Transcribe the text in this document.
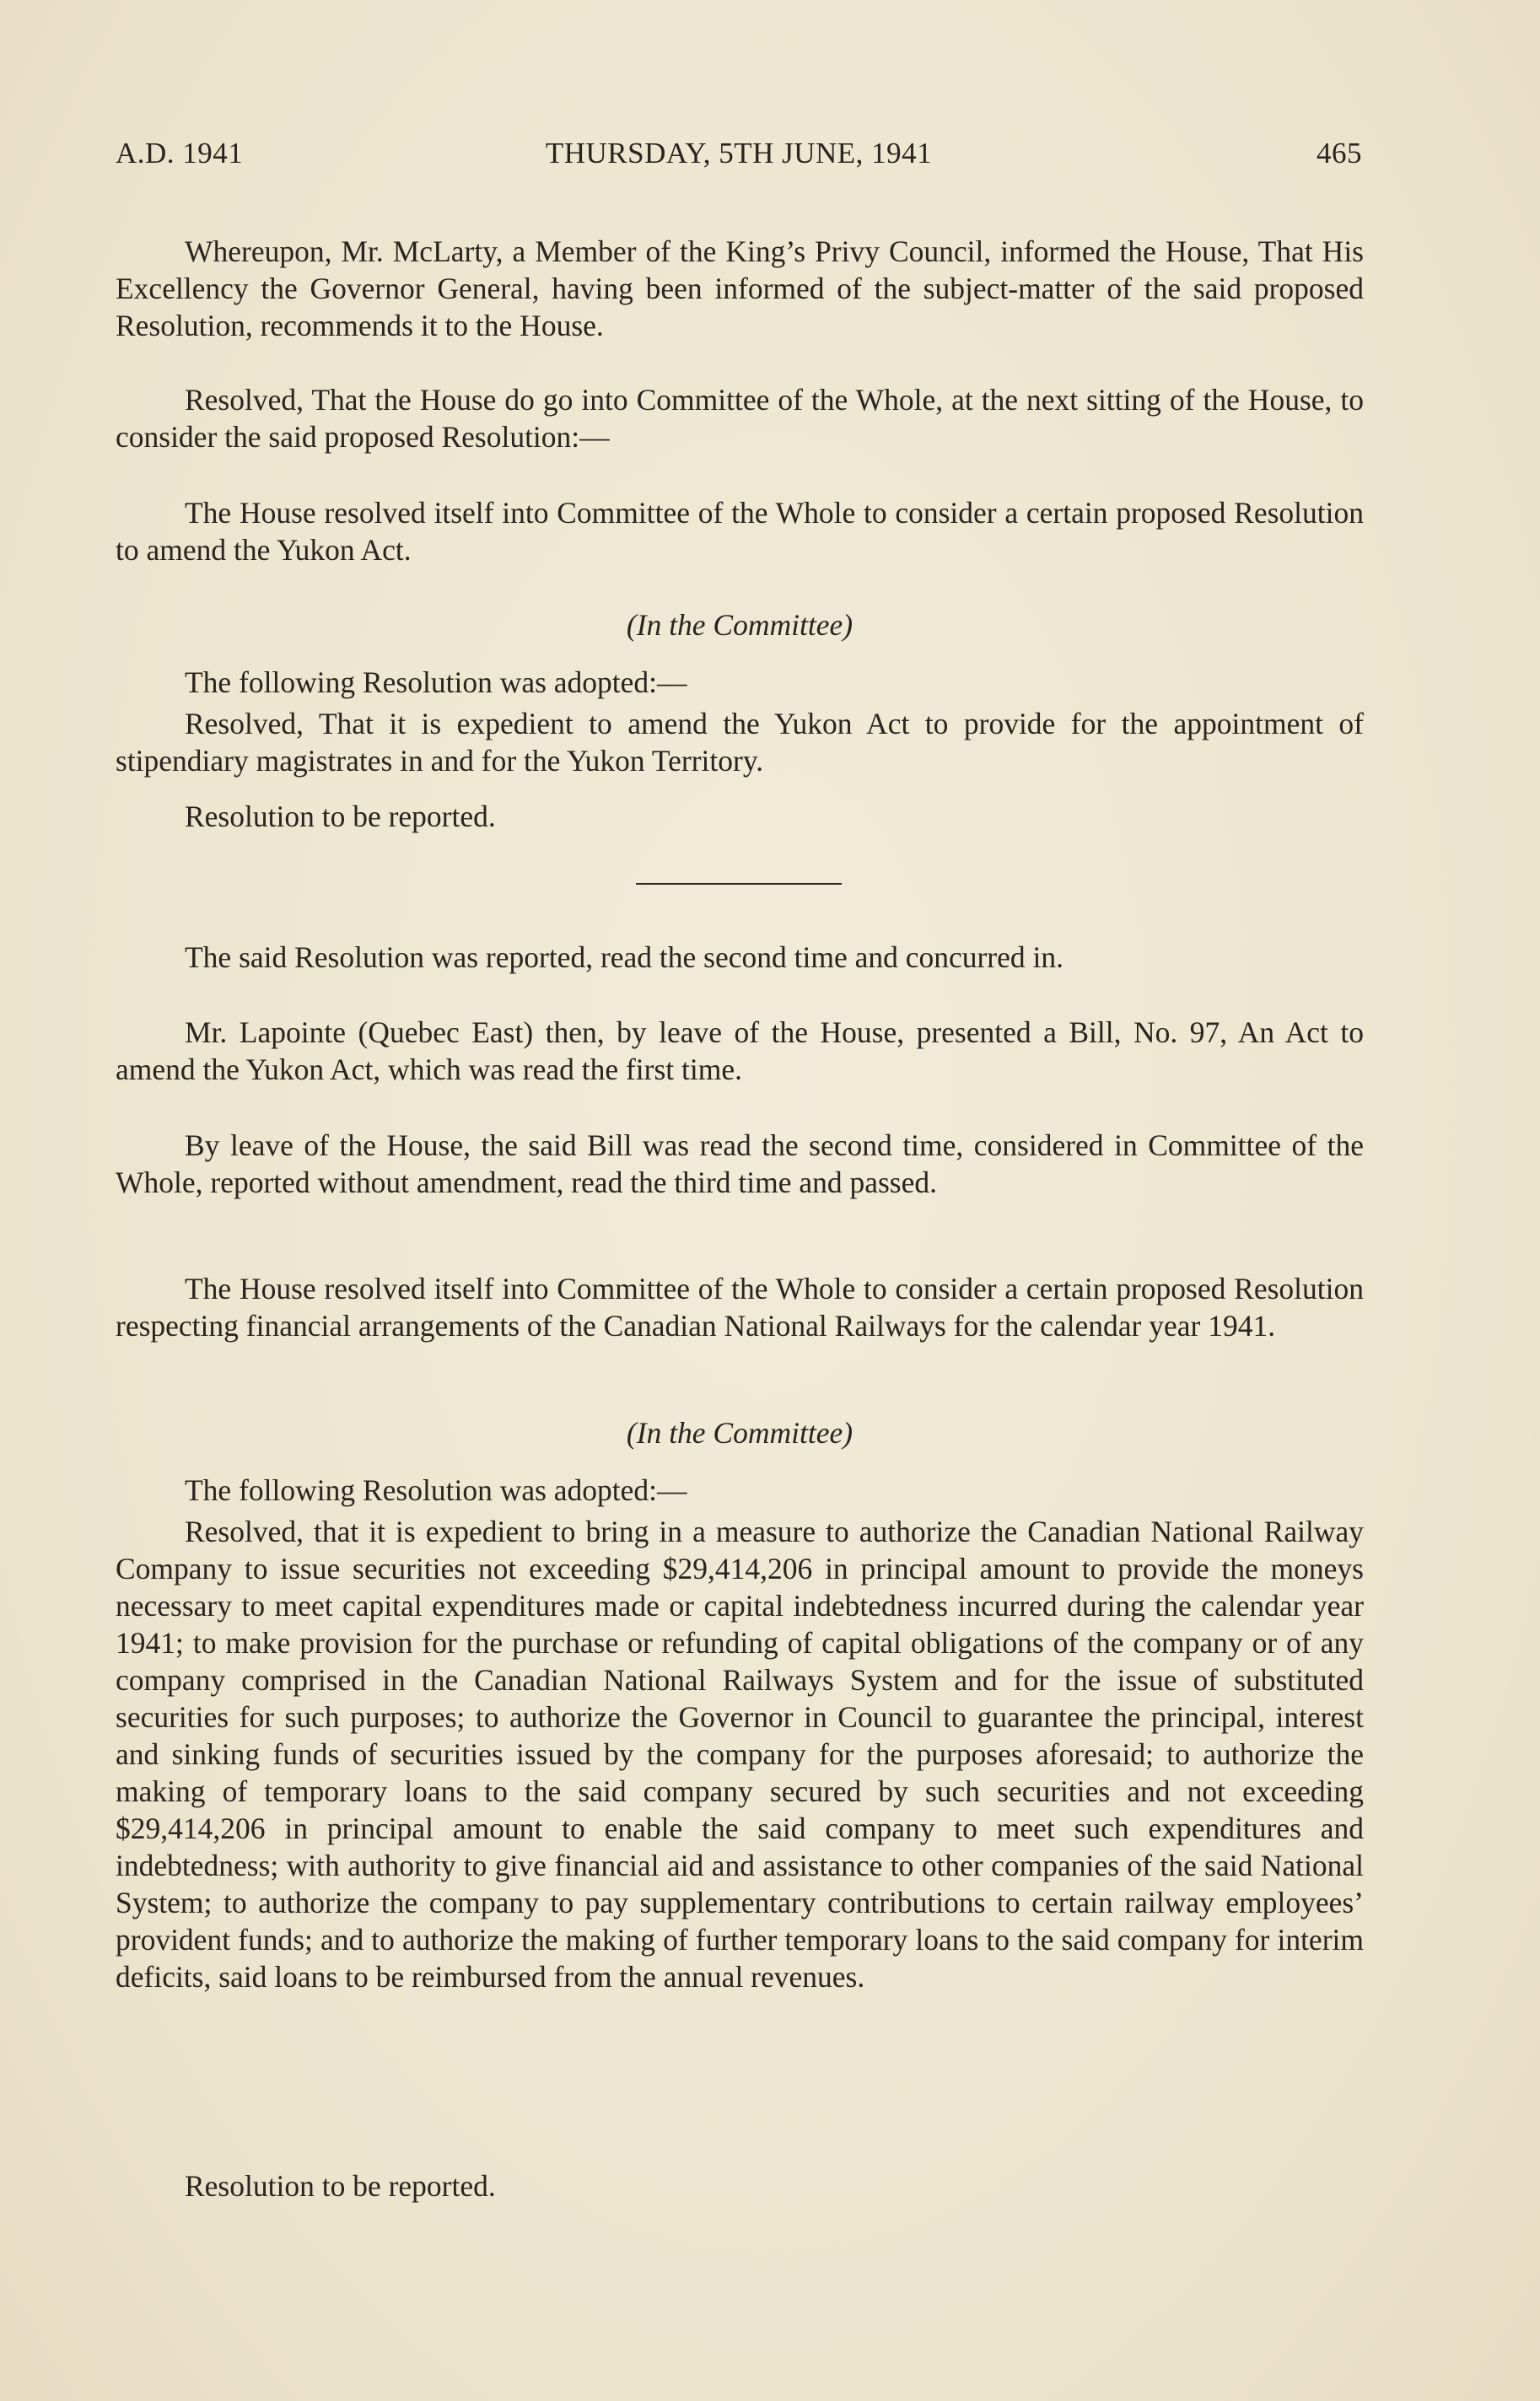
A.D. 1941	THURSDAY, 5TH JUNE, 1941	465

Whereupon, Mr. McLarty, a Member of the King’s Privy Council, informed the House, That His Excellency the Governor General, having been informed of the subject-matter of the said proposed Resolution, recommends it to the House.

Resolved, That the House do go into Committee of the Whole, at the next sitting of the House, to consider the said proposed Resolution:—

The House resolved itself into Committee of the Whole to consider a certain proposed Resolution to amend the Yukon Act.

(In the Committee)

The following Resolution was adopted:—

Resolved, That it is expedient to amend the Yukon Act to provide for the appointment of stipendiary magistrates in and for the Yukon Territory.

Resolution to be reported.

The said Resolution was reported, read the second time and concurred in.

Mr. Lapointe (Quebec East) then, by leave of the House, presented a Bill, No. 97, An Act to amend the Yukon Act, which was read the first time.

By leave of the House, the said Bill was read the second time, considered in Committee of the Whole, reported without amendment, read the third time and passed.

The House resolved itself into Committee of the Whole to consider a certain proposed Resolution respecting financial arrangements of the Canadian National Railways for the calendar year 1941.

(In the Committee)

The following Resolution was adopted:—

Resolved, that it is expedient to bring in a measure to authorize the Canadian National Railway Company to issue securities not exceeding $29,414,206 in principal amount to provide the moneys necessary to meet capital expenditures made or capital indebtedness incurred during the calendar year 1941; to make provision for the purchase or refunding of capital obligations of the company or of any company comprised in the Canadian National Railways System and for the issue of substituted securities for such purposes; to authorize the Governor in Council to guarantee the principal, interest and sinking funds of securities issued by the company for the purposes aforesaid; to authorize the making of temporary loans to the said company secured by such securities and not exceeding $29,414,206 in principal amount to enable the said company to meet such expenditures and indebtedness; with authority to give financial aid and assistance to other companies of the said National System; to authorize the company to pay supplementary contributions to certain railway employees’ provident funds; and to authorize the making of further temporary loans to the said company for interim deficits, said loans to be reimbursed from the annual revenues.

Resolution to be reported.
